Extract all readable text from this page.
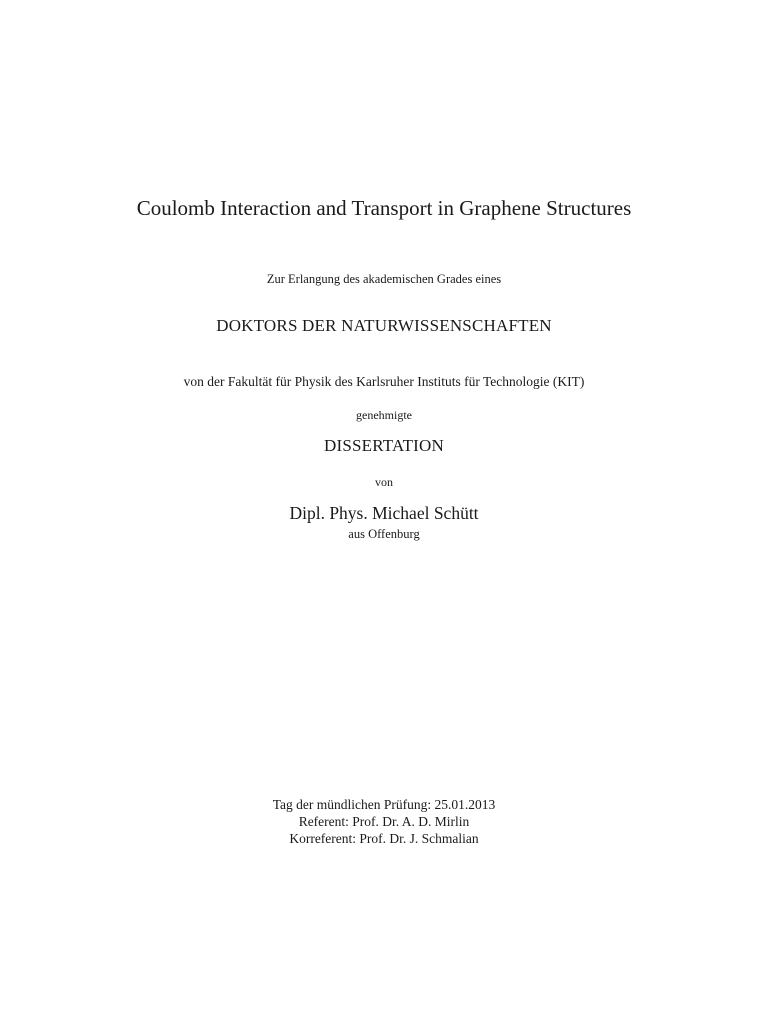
Coulomb Interaction and Transport in Graphene Structures
Zur Erlangung des akademischen Grades eines
DOKTORS DER NATURWISSENSCHAFTEN
von der Fakultät für Physik des Karlsruher Instituts für Technologie (KIT)
genehmigte
DISSERTATION
von
Dipl. Phys. Michael Schütt
aus Offenburg
Tag der mündlichen Prüfung: 25.01.2013
Referent: Prof. Dr. A. D. Mirlin
Korreferent: Prof. Dr. J. Schmalian
